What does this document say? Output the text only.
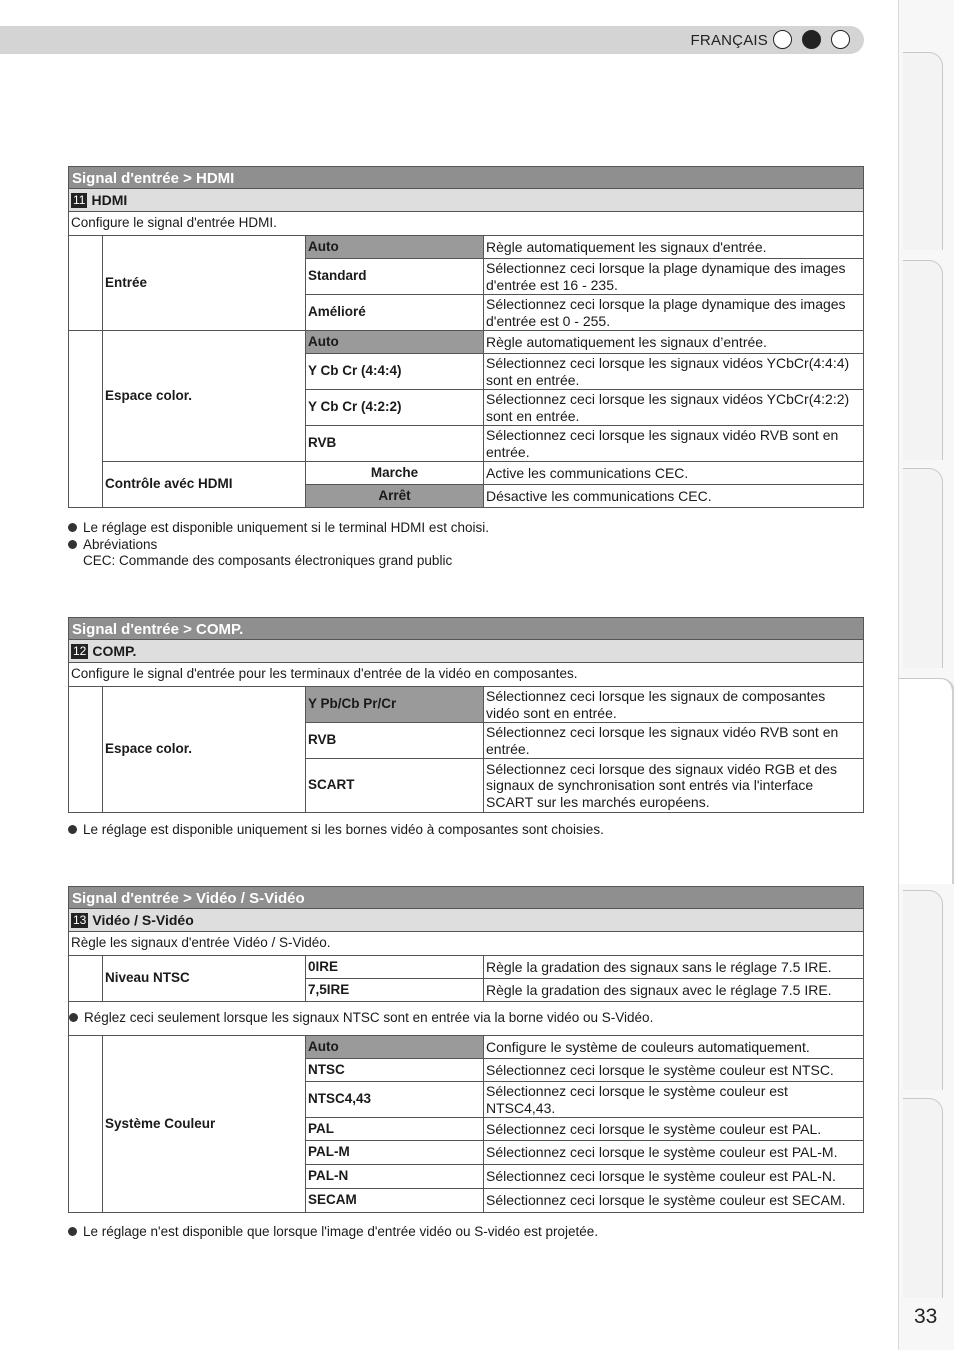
FRANÇAIS
33
Signal d'entrée > HDMI
11 HDMI
Configure le signal d'entrée HDMI.
	Entrée	Auto	Règle automatiquement les signaux d'entrée.
		Standard	Sélectionnez ceci lorsque la plage dynamique des images d'entrée est 16 - 235.
		Amélioré	Sélectionnez ceci lorsque la plage dynamique des images d'entrée est 0 - 255.
	Espace color.	Auto	Règle automatiquement les signaux d’entrée.
		Y Cb Cr (4:4:4)	Sélectionnez ceci lorsque les signaux vidéos YCbCr(4:4:4) sont en entrée.
		Y Cb Cr (4:2:2)	Sélectionnez ceci lorsque les signaux vidéos YCbCr(4:2:2) sont en entrée.
		RVB	Sélectionnez ceci lorsque les signaux vidéo RVB sont en entrée.
	Contrôle avéc HDMI	Marche	Active les communications CEC.
		Arrêt	Désactive les communications CEC.
Le réglage est disponible uniquement si le terminal HDMI est choisi.
Abréviations
CEC: Commande des composants électroniques grand public
Signal d'entrée > COMP.
12 COMP.
Configure le signal d'entrée pour les terminaux d'entrée de la vidéo en composantes.
	Espace color.	Y Pb/Cb Pr/Cr	Sélectionnez ceci lorsque les signaux de composantes vidéo sont en entrée.
		RVB	Sélectionnez ceci lorsque les signaux vidéo RVB sont en entrée.
		SCART	Sélectionnez ceci lorsque des signaux vidéo RGB et des signaux de synchronisation sont entrés via l'interface SCART sur les marchés européens.
Le réglage est disponible uniquement si les bornes vidéo à composantes sont choisies.
Signal d'entrée > Vidéo / S-Vidéo
13 Vidéo / S-Vidéo
Règle les signaux d'entrée Vidéo / S-Vidéo.
	Niveau NTSC	0IRE	Règle la gradation des signaux sans le réglage 7.5 IRE.
		7,5IRE	Règle la gradation des signaux avec le réglage 7.5 IRE.
Réglez ceci seulement lorsque les signaux NTSC sont en entrée via la borne vidéo ou S-Vidéo.			
	Système Couleur	Auto	Configure le système de couleurs automatiquement.
		NTSC	Sélectionnez ceci lorsque le système couleur est NTSC.
		NTSC4,43	Sélectionnez ceci lorsque le système couleur est NTSC4,43.
		PAL	Sélectionnez ceci lorsque le système couleur est PAL.
		PAL-M	Sélectionnez ceci lorsque le système couleur est PAL-M.
		PAL-N	Sélectionnez ceci lorsque le système couleur est PAL-N.
		SECAM	Sélectionnez ceci lorsque le système couleur est SECAM.
Le réglage n'est disponible que lorsque l'image d'entrée vidéo ou S-vidéo est projetée.
